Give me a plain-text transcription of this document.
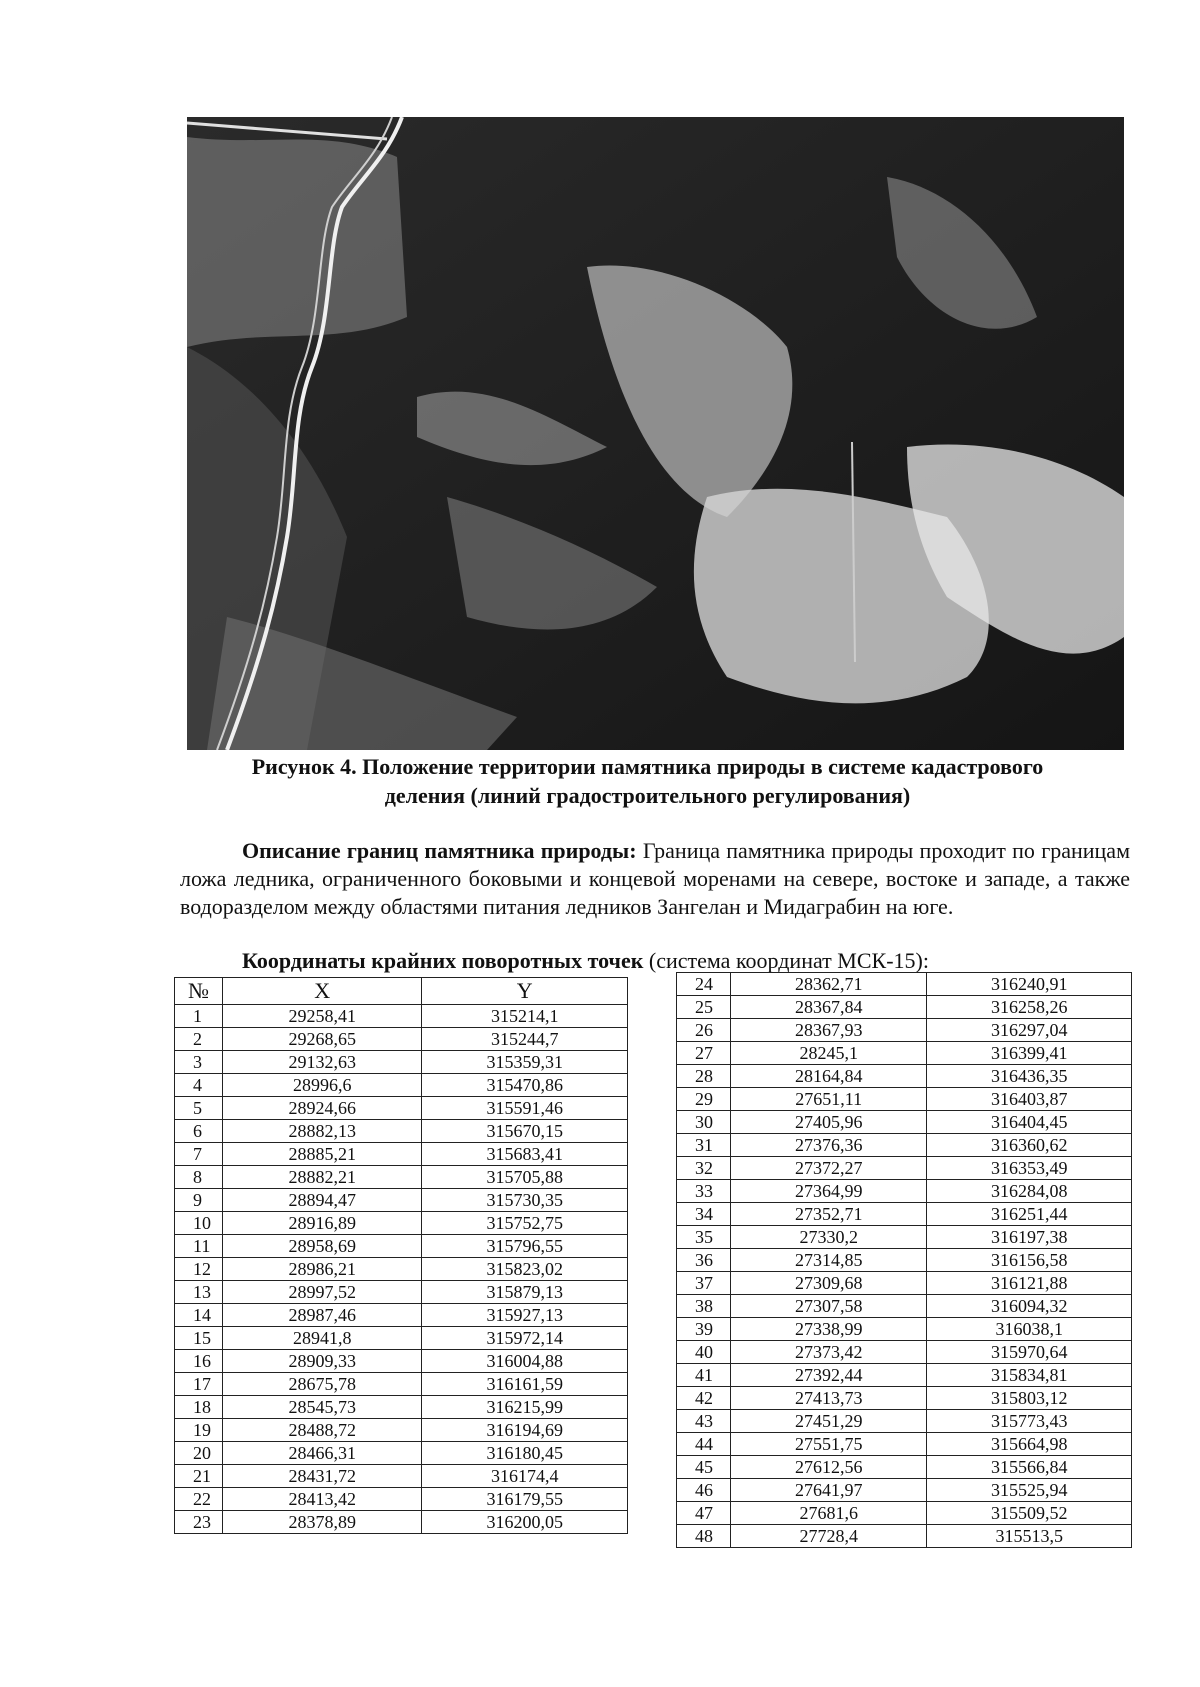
Рисунок 4. Положение территории памятника природы в системе кадастрового
деления (линий градостроительного регулирования)
Описание границ памятника природы: Граница памятника природы проходит по границам ложа ледника, ограниченного боковыми и концевой моренами на севере, востоке и западе, а также водоразделом между областями питания ледников Зангелан и Мидаграбин на юге.
Координаты крайних поворотных точек (система координат МСК-15):
№	X	Y
1	29258,41	315214,1
2	29268,65	315244,7
3	29132,63	315359,31
4	28996,6	315470,86
5	28924,66	315591,46
6	28882,13	315670,15
7	28885,21	315683,41
8	28882,21	315705,88
9	28894,47	315730,35
10	28916,89	315752,75
11	28958,69	315796,55
12	28986,21	315823,02
13	28997,52	315879,13
14	28987,46	315927,13
15	28941,8	315972,14
16	28909,33	316004,88
17	28675,78	316161,59
18	28545,73	316215,99
19	28488,72	316194,69
20	28466,31	316180,45
21	28431,72	316174,4
22	28413,42	316179,55
23	28378,89	316200,05
24	28362,71	316240,91
25	28367,84	316258,26
26	28367,93	316297,04
27	28245,1	316399,41
28	28164,84	316436,35
29	27651,11	316403,87
30	27405,96	316404,45
31	27376,36	316360,62
32	27372,27	316353,49
33	27364,99	316284,08
34	27352,71	316251,44
35	27330,2	316197,38
36	27314,85	316156,58
37	27309,68	316121,88
38	27307,58	316094,32
39	27338,99	316038,1
40	27373,42	315970,64
41	27392,44	315834,81
42	27413,73	315803,12
43	27451,29	315773,43
44	27551,75	315664,98
45	27612,56	315566,84
46	27641,97	315525,94
47	27681,6	315509,52
48	27728,4	315513,5
